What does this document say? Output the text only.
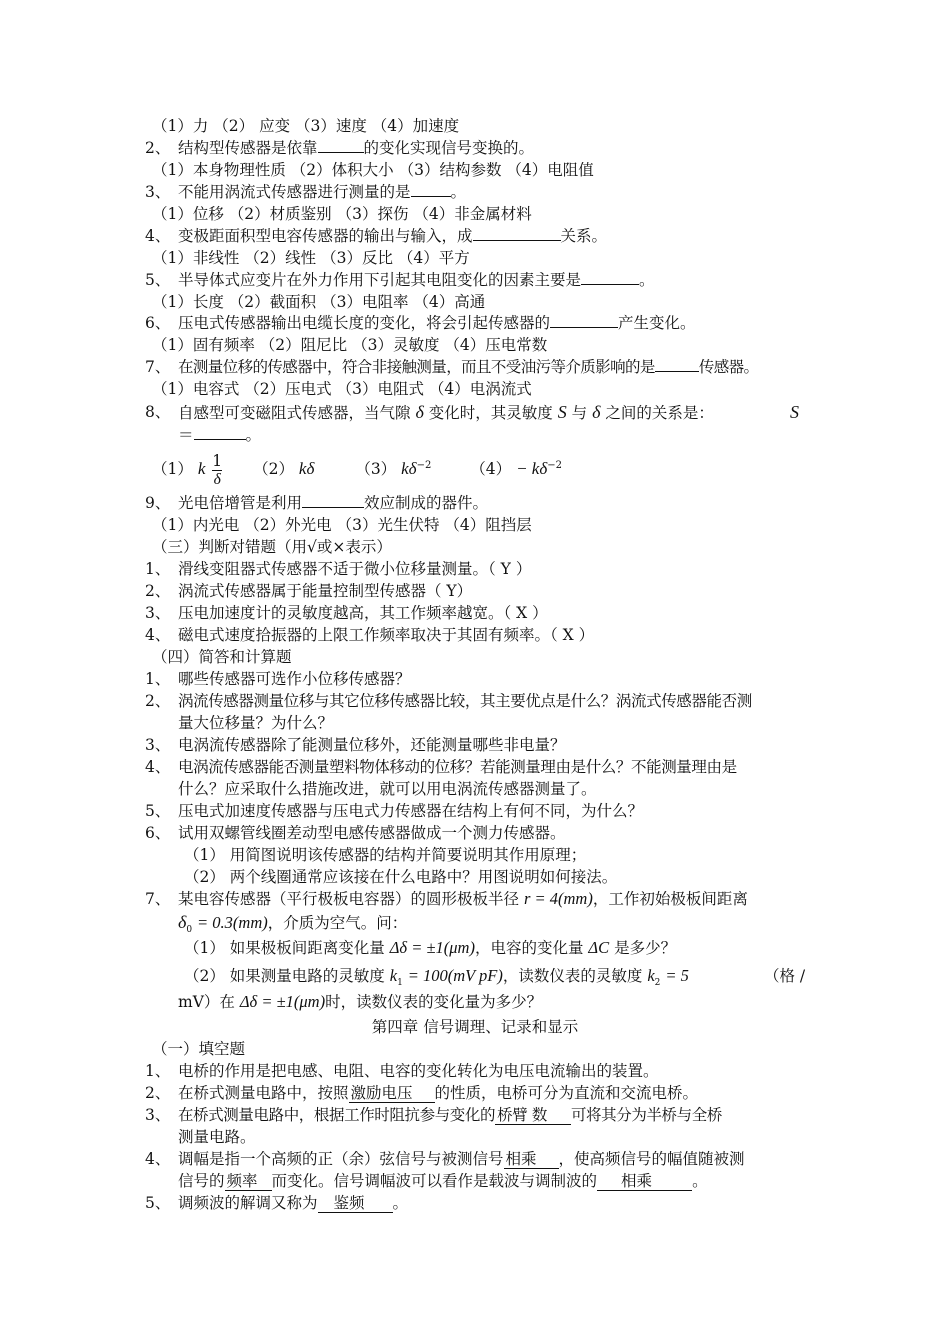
（1）力 （2） 应变 （3）速度 （4）加速度
2、 结构型传感器是依靠	的变化实现信号变换的。
（1）本身物理性质 （2）体积大小 （3）结构参数 （4）电阻值
3、 不能用涡流式传感器进行测量的是	。
（1）位移 （2）材质鉴别 （3）探伤 （4）非金属材料
4、 变极距面积型电容传感器的输出与输入，成	关系。
（1）非线性 （2）线性 （3）反比 （4）平方
5、 半导体式应变片在外力作用下引起其电阻变化的因素主要是	。
（1）长度 （2）截面积 （3）电阻率 （4）高通
6、 压电式传感器输出电缆长度的变化，将会引起传感器的	产生变化。
（1）固有频率 （2）阻尼比 （3）灵敏度 （4）压电常数
7、 在测量位移的传感器中，符合非接触测量，而且不受油污等介质影响的是	传感器。
（1）电容式 （2）压电式 （3）电阻式 （4）电涡流式
8、 自感型可变磁阻式传感器，当气隙 δ 变化时，其灵敏度 S 与 δ 之间的关系是：	S
＝	。
（1） k $\frac{1}{\delta} (2)$ kδ	（3） $k\delta^{-2}$	$(4) - k\delta^{-2}$
9、 光电倍增管是利用	效应制成的器件。
（1）内光电 （2）外光电 （3）光生伏特 （4）阻挡层
（三）判断对错题（用√或×表示）
1、 滑线变阻器式传感器不适于微小位移量测量。（ Y ）
2、 涡流式传感器属于能量控制型传感器（ Y）
3、 压电加速度计的灵敏度越高，其工作频率越宽。（ X ）
4、 磁电式速度拾振器的上限工作频率取决于其固有频率。（ X ）
（四）简答和计算题
1、 哪些传感器可选作小位移传感器？
2、 涡流传感器测量位移与其它位移传感器比较，其主要优点是什么？涡流式传感器能否测
量大位移量？为什么？
3、 电涡流传感器除了能测量位移外，还能测量哪些非电量？
4、 电涡流传感器能否测量塑料物体移动的位移？若能测量理由是什么？不能测量理由是
什么？应采取什么措施改进，就可以用电涡流传感器测量了。
5、 压电式加速度传感器与压电式力传感器在结构上有何不同，为什么？
6、 试用双螺管线圈差动型电感传感器做成一个测力传感器。
（1） 用简图说明该传感器的结构并简要说明其作用原理；
（2） 两个线圈通常应该接在什么电路中？用图说明如何接法。
7、 某电容传感器（平行极板电容器）的圆形极板半径 r = 4(mm)，工作初始极板间距离
$\delta_0 = 0.3(mm)$，介质为空气。问：
（1） 如果极板间距离变化量 Δδ = ±1(μm)，电容的变化量 ΔC 是多少？
（2） 如果测量电路的灵敏度 $k_1 = 100(mV$ pF)，读数仪表的灵敏度 $k_2 = 5$	（格 /
mV）在 Δδ = ±1(μm)时，读数仪表的变化量为多少？
第四章 信号调理、记录和显示
（一）填空题
1、 电桥的作用是把电感、电阻、电容的变化转化为电压电流输出的装置。
2、 在桥式测量电路中，按照 激励电压 的性质，电桥可分为直流和交流电桥。
3、 在桥式测量电路中，根据工作时阻抗参与变化的 桥臂 数 可将其分为半桥与全桥
测量电路。
4、 调幅是指一个高频的正（余）弦信号与被测信号 相乘 ，使高频信号的幅值随被测
信号的 频率 而变化。信号调幅波可以看作是载波与调制波的 相乘	。
5、 调频波的解调又称为 鉴频 。
